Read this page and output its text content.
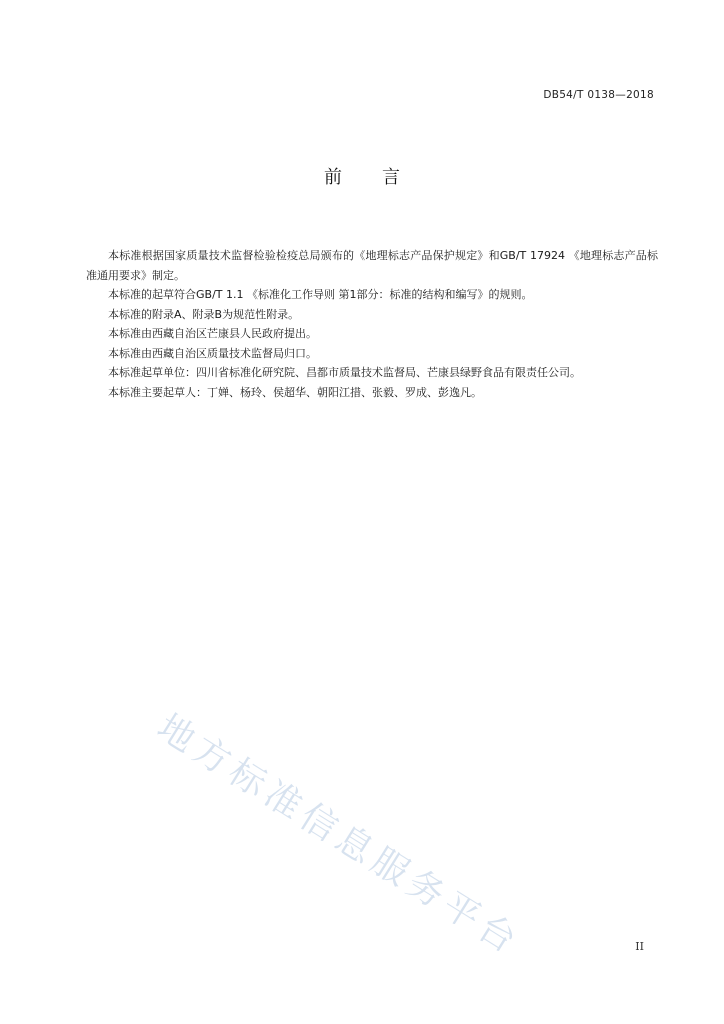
DB54/T 0138—2018
前言

本标准根据国家质量技术监督检验检疫总局颁布的《地理标志产品保护规定》和GB/T 17924 《地理标志产品标准通用要求》制定。

本标准的起草符合GB/T 1.1 《标准化工作导则 第1部分：标准的结构和编写》的规则。

本标准的附录A、附录B为规范性附录。

本标准由西藏自治区芒康县人民政府提出。

本标准由西藏自治区质量技术监督局归口。

本标准起草单位：四川省标准化研究院、昌都市质量技术监督局、芒康县绿野食品有限责任公司。

本标准主要起草人：丁婵、杨玲、侯超华、朝阳江措、张毅、罗成、彭逸凡。

地方标准信息服务平台	II
